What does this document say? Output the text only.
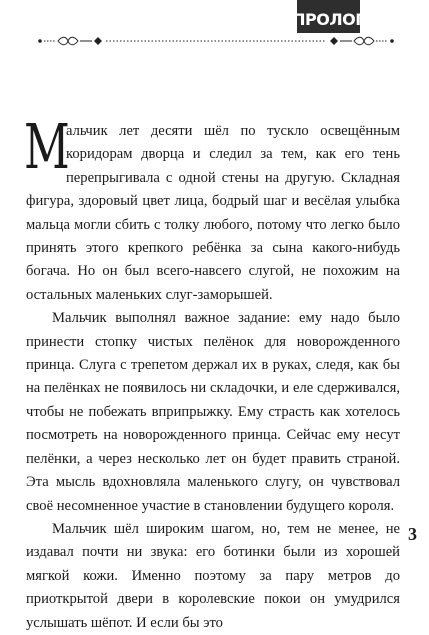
ПРОЛОГ

М
альчик лет десяти шёл по тускло освещённым коридорам дворца и следил за тем, как его тень перепрыгивала с одной стены на другую. Складная фигура, здоровый цвет лица, бодрый шаг и весёлая улыбка мальца могли сбить с толку любого, потому что легко было принять этого крепкого ребёнка за сына какого-нибудь богача. Но он был всего-навсего слугой, не похожим на остальных маленьких слуг-заморышей.

Мальчик выполнял важное задание: ему надо было принести стопку чистых пелёнок для новорожденного принца. Слуга с трепетом держал их в руках, следя, как бы на пелёнках не появилось ни складочки, и еле сдерживался, чтобы не побежать вприпрыжку. Ему страсть как хотелось посмотреть на новорожденного принца. Сейчас ему несут пелёнки, а через несколько лет он будет править страной. Эта мысль вдохновляла маленького слугу, он чувствовал своё несомненное участие в становлении будущего короля.

Мальчик шёл широким шагом, но, тем не менее, не издавал почти ни звука: его ботинки были из хорошей мягкой кожи. Именно поэтому за пару метров до приоткрытой двери в королевские покои он умудрился услышать шёпот. И если бы это

3
